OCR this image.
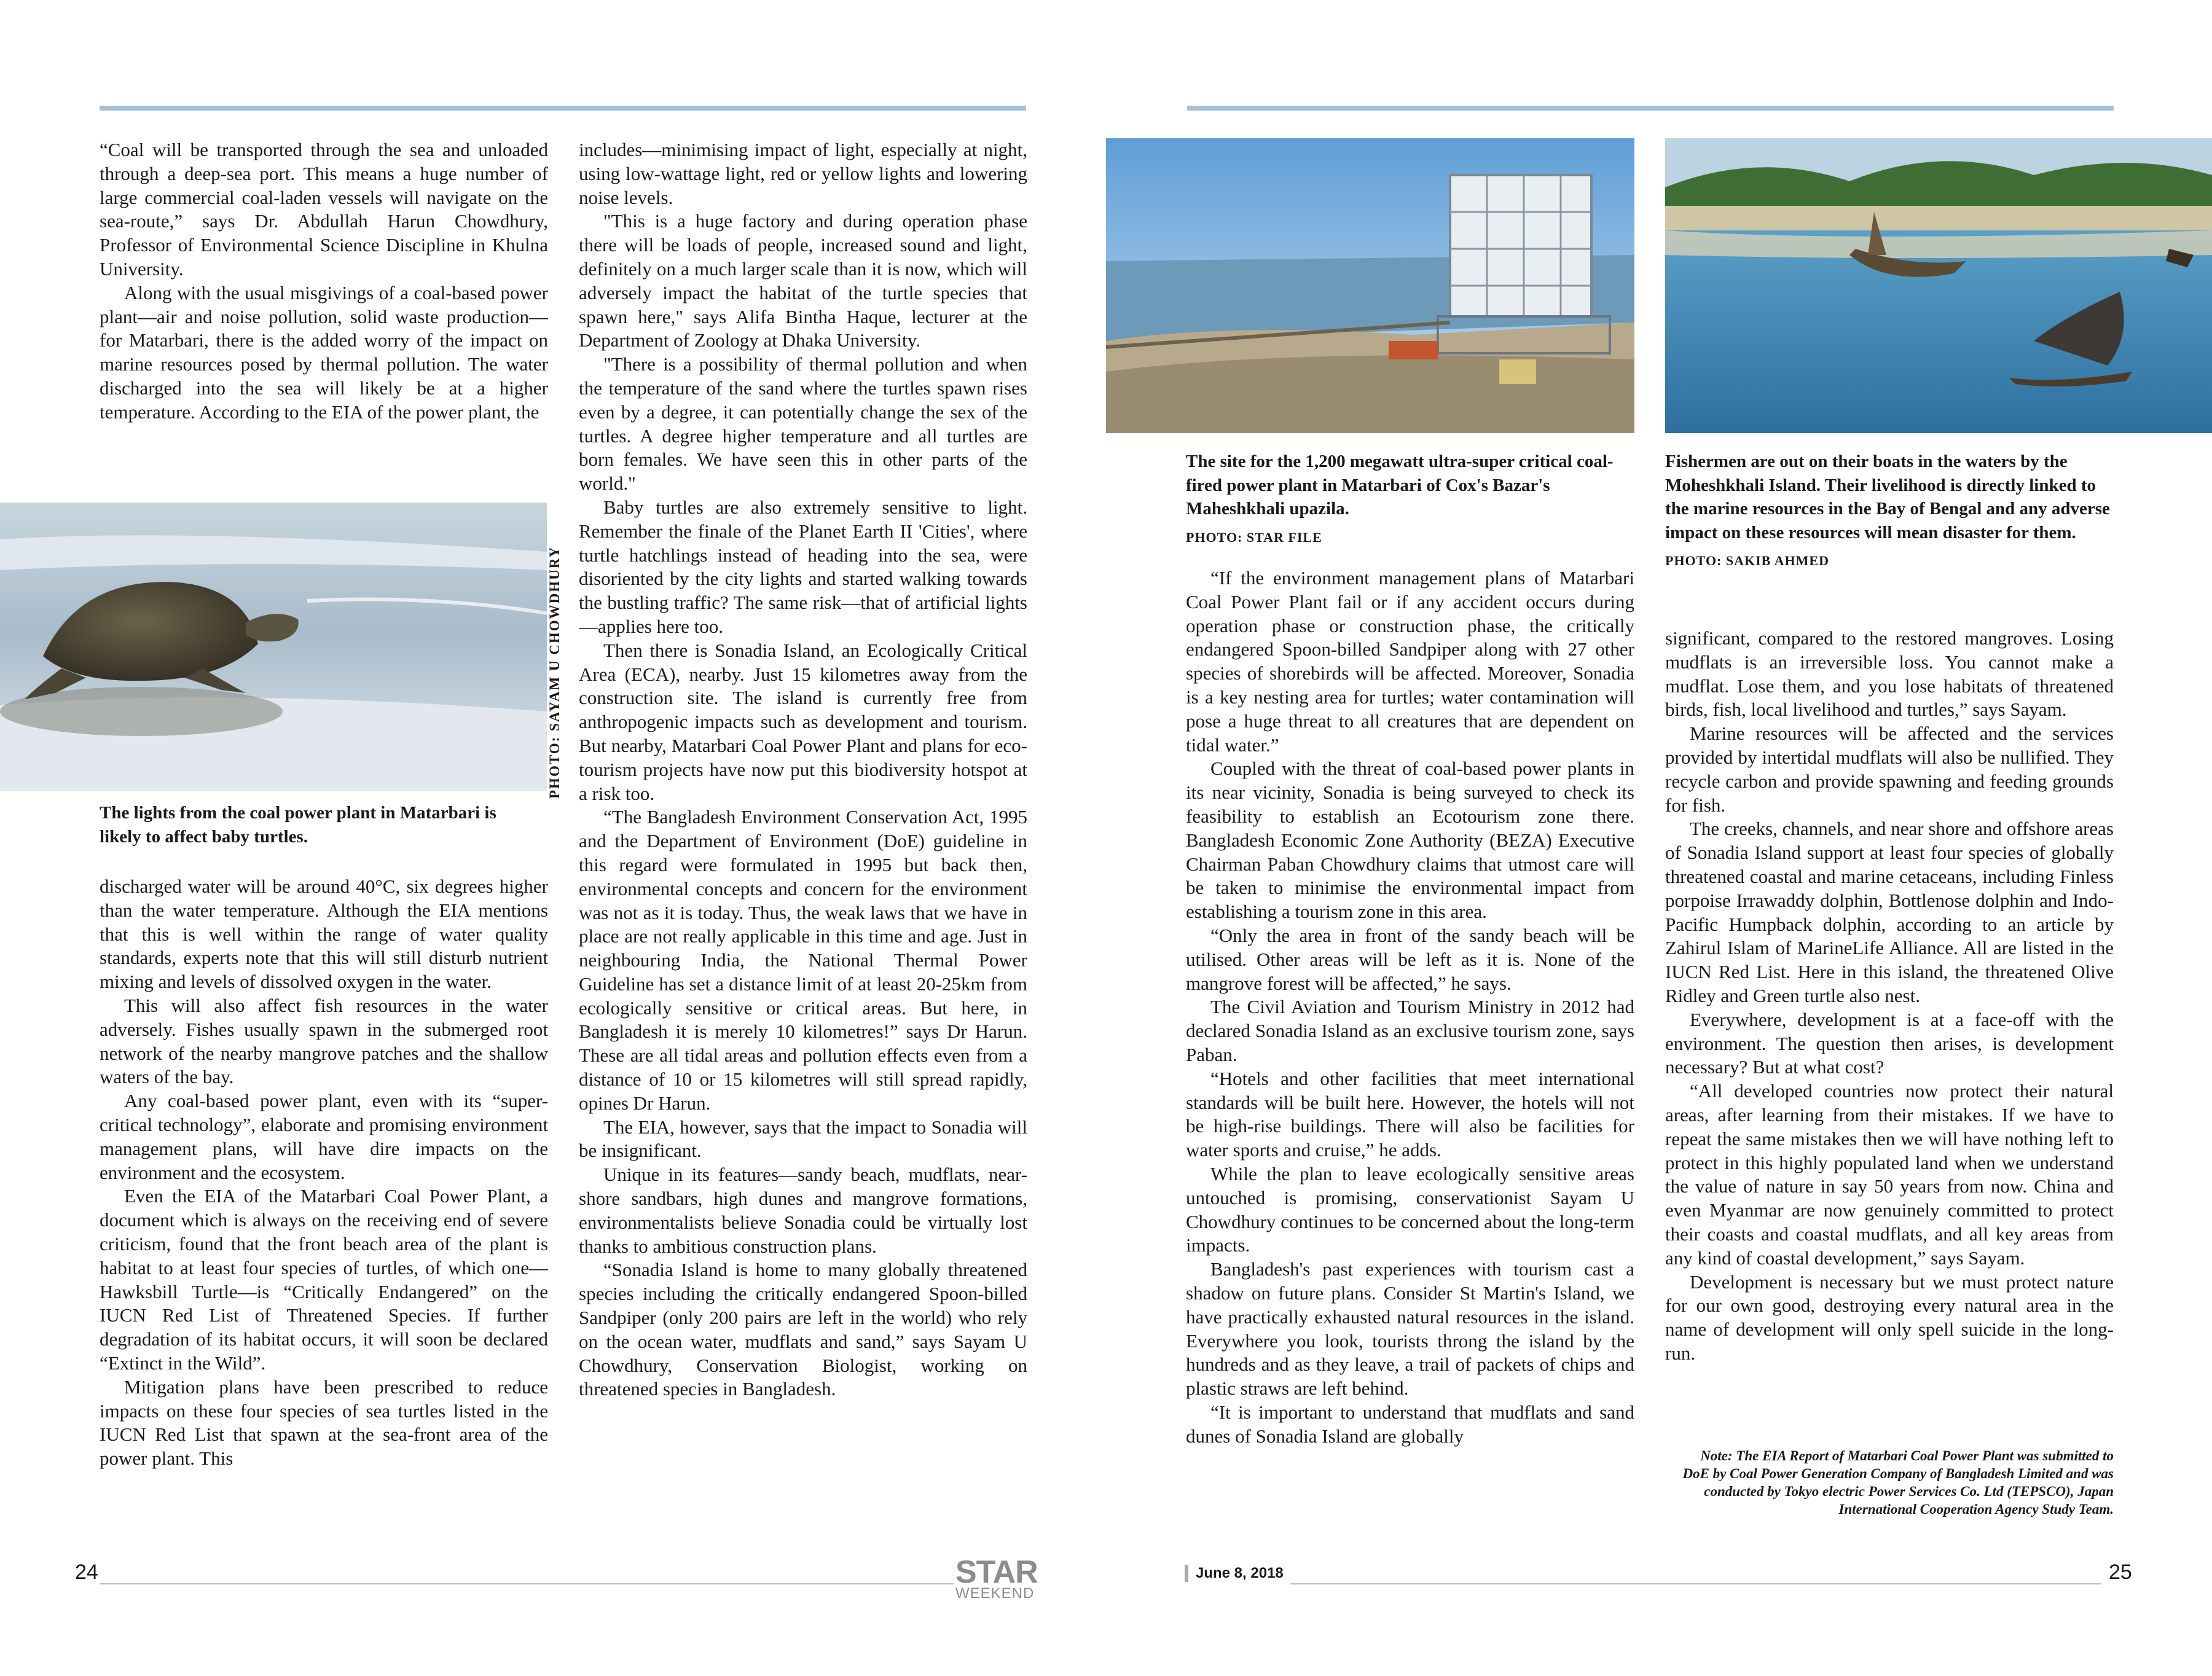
“Coal will be transported through the sea and unloaded through a deep-sea port. This means a huge number of large commercial coal-laden vessels will navigate on the sea-route,” says Dr. Abdullah Harun Chowdhury, Professor of Environmental Science Discipline in Khulna University.

Along with the usual misgivings of a coal-based power plant—air and noise pollution, solid waste production—for Matarbari, there is the added worry of the impact on marine resources posed by thermal pollution. The water discharged into the sea will likely be at a higher temperature. According to the EIA of the power plant, the

PHOTO: SAYAM U CHOWDHURY
The lights from the coal power plant in Matarbari is likely to affect baby turtles.

discharged water will be around 40°C, six degrees higher than the water temperature. Although the EIA mentions that this is well within the range of water quality standards, experts note that this will still disturb nutrient mixing and levels of dissolved oxygen in the water.

This will also affect fish resources in the water adversely. Fishes usually spawn in the submerged root network of the nearby mangrove patches and the shallow waters of the bay.

Any coal-based power plant, even with its “super-critical technology”, elaborate and promising environment management plans, will have dire impacts on the environment and the ecosystem.

Even the EIA of the Matarbari Coal Power Plant, a document which is always on the receiving end of severe criticism, found that the front beach area of the plant is habitat to at least four species of turtles, of which one—Hawksbill Turtle—is “Critically Endangered” on the IUCN Red List of Threatened Species. If further degradation of its habitat occurs, it will soon be declared “Extinct in the Wild”.

Mitigation plans have been prescribed to reduce impacts on these four species of sea turtles listed in the IUCN Red List that spawn at the sea-front area of the power plant. This

includes—minimising impact of light, especially at night, using low-wattage light, red or yellow lights and lowering noise levels.

"This is a huge factory and during operation phase there will be loads of people, increased sound and light, definitely on a much larger scale than it is now, which will adversely impact the habitat of the turtle species that spawn here," says Alifa Bintha Haque, lecturer at the Department of Zoology at Dhaka University.

"There is a possibility of thermal pollution and when the temperature of the sand where the turtles spawn rises even by a degree, it can potentially change the sex of the turtles. A degree higher temperature and all turtles are born females. We have seen this in other parts of the world."

Baby turtles are also extremely sensitive to light. Remember the finale of the Planet Earth II 'Cities', where turtle hatchlings instead of heading into the sea, were disoriented by the city lights and started walking towards the bustling traffic? The same risk—that of artificial lights—applies here too.

Then there is Sonadia Island, an Ecologically Critical Area (ECA), nearby. Just 15 kilometres away from the construction site. The island is currently free from anthropogenic impacts such as development and tourism. But nearby, Matarbari Coal Power Plant and plans for eco-tourism projects have now put this biodiversity hotspot at a risk too.

“The Bangladesh Environment Conservation Act, 1995 and the Department of Environment (DoE) guideline in this regard were formulated in 1995 but back then, environmental concepts and concern for the environment was not as it is today. Thus, the weak laws that we have in place are not really applicable in this time and age. Just in neighbouring India, the National Thermal Power Guideline has set a distance limit of at least 20-25km from ecologically sensitive or critical areas. But here, in Bangladesh it is merely 10 kilometres!” says Dr Harun. These are all tidal areas and pollution effects even from a distance of 10 or 15 kilometres will still spread rapidly, opines Dr Harun.

The EIA, however, says that the impact to Sonadia will be insignificant.

Unique in its features—sandy beach, mudflats, near-shore sandbars, high dunes and mangrove formations, environmentalists believe Sonadia could be virtually lost thanks to ambitious construction plans.

“Sonadia Island is home to many globally threatened species including the critically endangered Spoon-billed Sandpiper (only 200 pairs are left in the world) who rely on the ocean water, mudflats and sand,” says Sayam U Chowdhury, Conservation Biologist, working on threatened species in Bangladesh.

24	STAR
WEEKEND
The site for the 1,200 megawatt ultra-super critical coal-fired power plant in Matarbari of Cox's Bazar's Maheshkhali upazila.
PHOTO: STAR FILE
Fishermen are out on their boats in the waters by the Moheshkhali Island. Their livelihood is directly linked to the marine resources in the Bay of Bengal and any adverse impact on these resources will mean disaster for them.
PHOTO: SAKIB AHMED

“If the environment management plans of Matarbari Coal Power Plant fail or if any accident occurs during operation phase or construction phase, the critically endangered Spoon-billed Sandpiper along with 27 other species of shorebirds will be affected. Moreover, Sonadia is a key nesting area for turtles; water contamination will pose a huge threat to all creatures that are dependent on tidal water.”

Coupled with the threat of coal-based power plants in its near vicinity, Sonadia is being surveyed to check its feasibility to establish an Ecotourism zone there. Bangladesh Economic Zone Authority (BEZA) Executive Chairman Paban Chowdhury claims that utmost care will be taken to minimise the environmental impact from establishing a tourism zone in this area.

“Only the area in front of the sandy beach will be utilised. Other areas will be left as it is. None of the mangrove forest will be affected,” he says.

The Civil Aviation and Tourism Ministry in 2012 had declared Sonadia Island as an exclusive tourism zone, says Paban.

“Hotels and other facilities that meet international standards will be built here. However, the hotels will not be high-rise buildings. There will also be facilities for water sports and cruise,” he adds.

While the plan to leave ecologically sensitive areas untouched is promising, conservationist Sayam U Chowdhury continues to be concerned about the long-term impacts.

Bangladesh's past experiences with tourism cast a shadow on future plans. Consider St Martin's Island, we have practically exhausted natural resources in the island. Everywhere you look, tourists throng the island by the hundreds and as they leave, a trail of packets of chips and plastic straws are left behind.

“It is important to understand that mudflats and sand dunes of Sonadia Island are globally

significant, compared to the restored mangroves. Losing mudflats is an irreversible loss. You cannot make a mudflat. Lose them, and you lose habitats of threatened birds, fish, local livelihood and turtles,” says Sayam.

Marine resources will be affected and the services provided by intertidal mudflats will also be nullified. They recycle carbon and provide spawning and feeding grounds for fish.

The creeks, channels, and near shore and offshore areas of Sonadia Island support at least four species of globally threatened coastal and marine cetaceans, including Finless porpoise Irrawaddy dolphin, Bottlenose dolphin and Indo-Pacific Humpback dolphin, according to an article by Zahirul Islam of MarineLife Alliance. All are listed in the IUCN Red List. Here in this island, the threatened Olive Ridley and Green turtle also nest.

Everywhere, development is at a face-off with the environment. The question then arises, is development necessary? But at what cost?

“All developed countries now protect their natural areas, after learning from their mistakes. If we have to repeat the same mistakes then we will have nothing left to protect in this highly populated land when we understand the value of nature in say 50 years from now. China and even Myanmar are now genuinely committed to protect their coasts and coastal mudflats, and all key areas from any kind of coastal development,” says Sayam.

Development is necessary but we must protect nature for our own good, destroying every natural area in the name of development will only spell suicide in the long-run.

Note: The EIA Report of Matarbari Coal Power Plant was submitted to DoE by Coal Power Generation Company of Bangladesh Limited and was conducted by Tokyo electric Power Services Co. Ltd (TEPSCO), Japan International Cooperation Agency Study Team.
June 8, 2018	25
